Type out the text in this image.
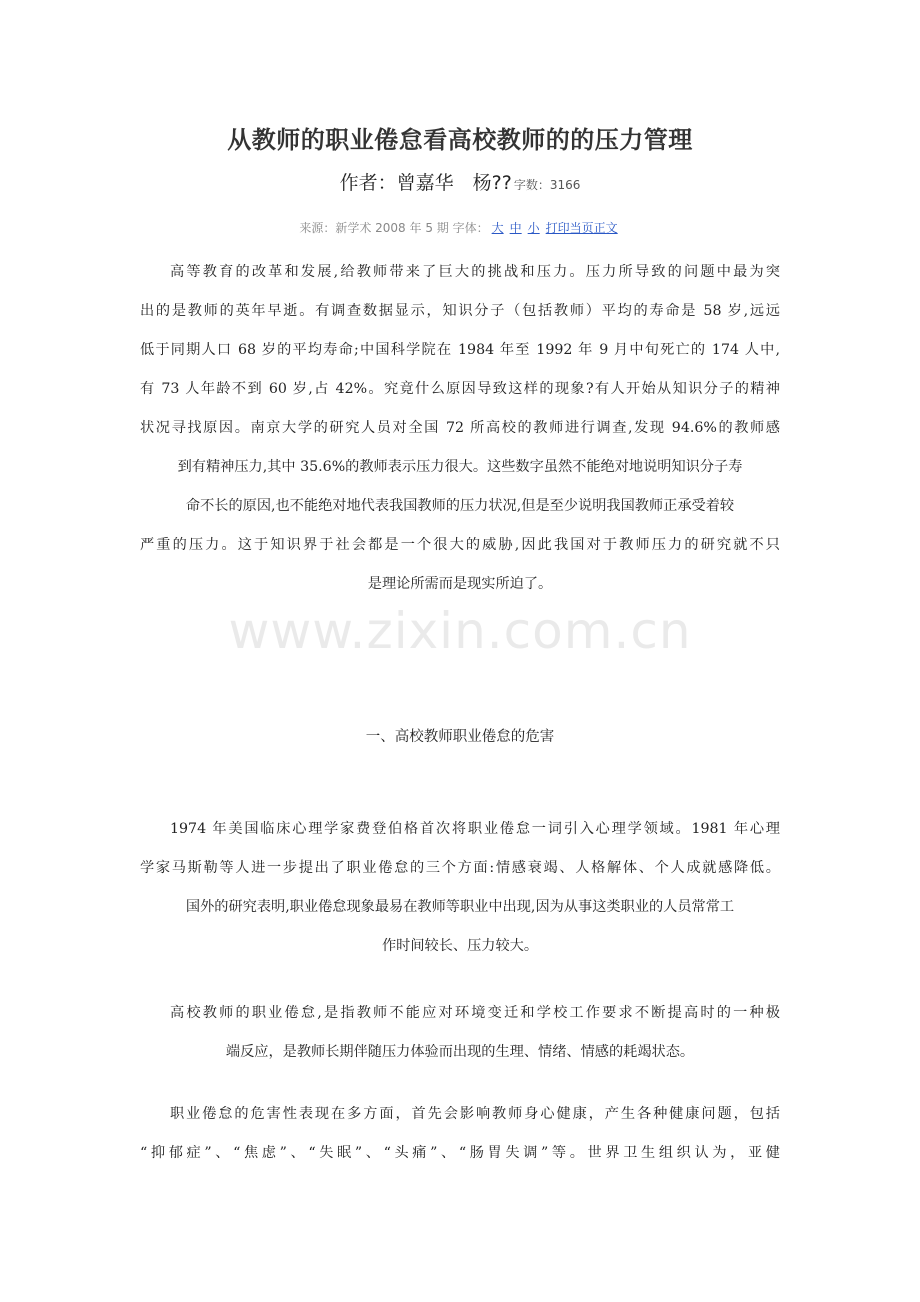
从教师的职业倦怠看高校教师的的压力管理
作者：曾嘉华　杨?? 字数：3166
来源：新学术 2008 年 5 期 字体： 大 中 小 打印当页正文
高等教育的改革和发展,给教师带来了巨大的挑战和压力。压力所导致的问题中最为突
出的是教师的英年早逝。有调查数据显示，知识分子（包括教师）平均的寿命是 58 岁,远远
低于同期人口 68 岁的平均寿命;中国科学院在 1984 年至 1992 年 9 月中旬死亡的 174 人中,
有 73 人年龄不到 60 岁,占 42%。究竟什么原因导致这样的现象?有人开始从知识分子的精神
状况寻找原因。南京大学的研究人员对全国 72 所高校的教师进行调查,发现 94.6%的教师感
到有精神压力,其中 35.6%的教师表示压力很大。这些数字虽然不能绝对地说明知识分子寿
命不长的原因,也不能绝对地代表我国教师的压力状况,但是至少说明我国教师正承受着较
严重的压力。这于知识界于社会都是一个很大的威胁,因此我国对于教师压力的研究就不只
是理论所需而是现实所迫了。
www.zixin.com.cn
一、高校教师职业倦怠的危害
1974 年美国临床心理学家费登伯格首次将职业倦怠一词引入心理学领域。1981 年心理
学家马斯勒等人进一步提出了职业倦怠的三个方面:情感衰竭、人格解体、个人成就感降低。
国外的研究表明,职业倦怠现象最易在教师等职业中出现,因为从事这类职业的人员常常工
作时间较长、压力较大。
高校教师的职业倦怠,是指教师不能应对环境变迁和学校工作要求不断提高时的一种极
端反应，是教师长期伴随压力体验而出现的生理、情绪、情感的耗竭状态。
职业倦怠的危害性表现在多方面，首先会影响教师身心健康，产生各种健康问题，包括
“抑郁症”、“焦虑”、“失眠”、“头痛”、“肠胃失调”等。世界卫生组织认为，亚健
